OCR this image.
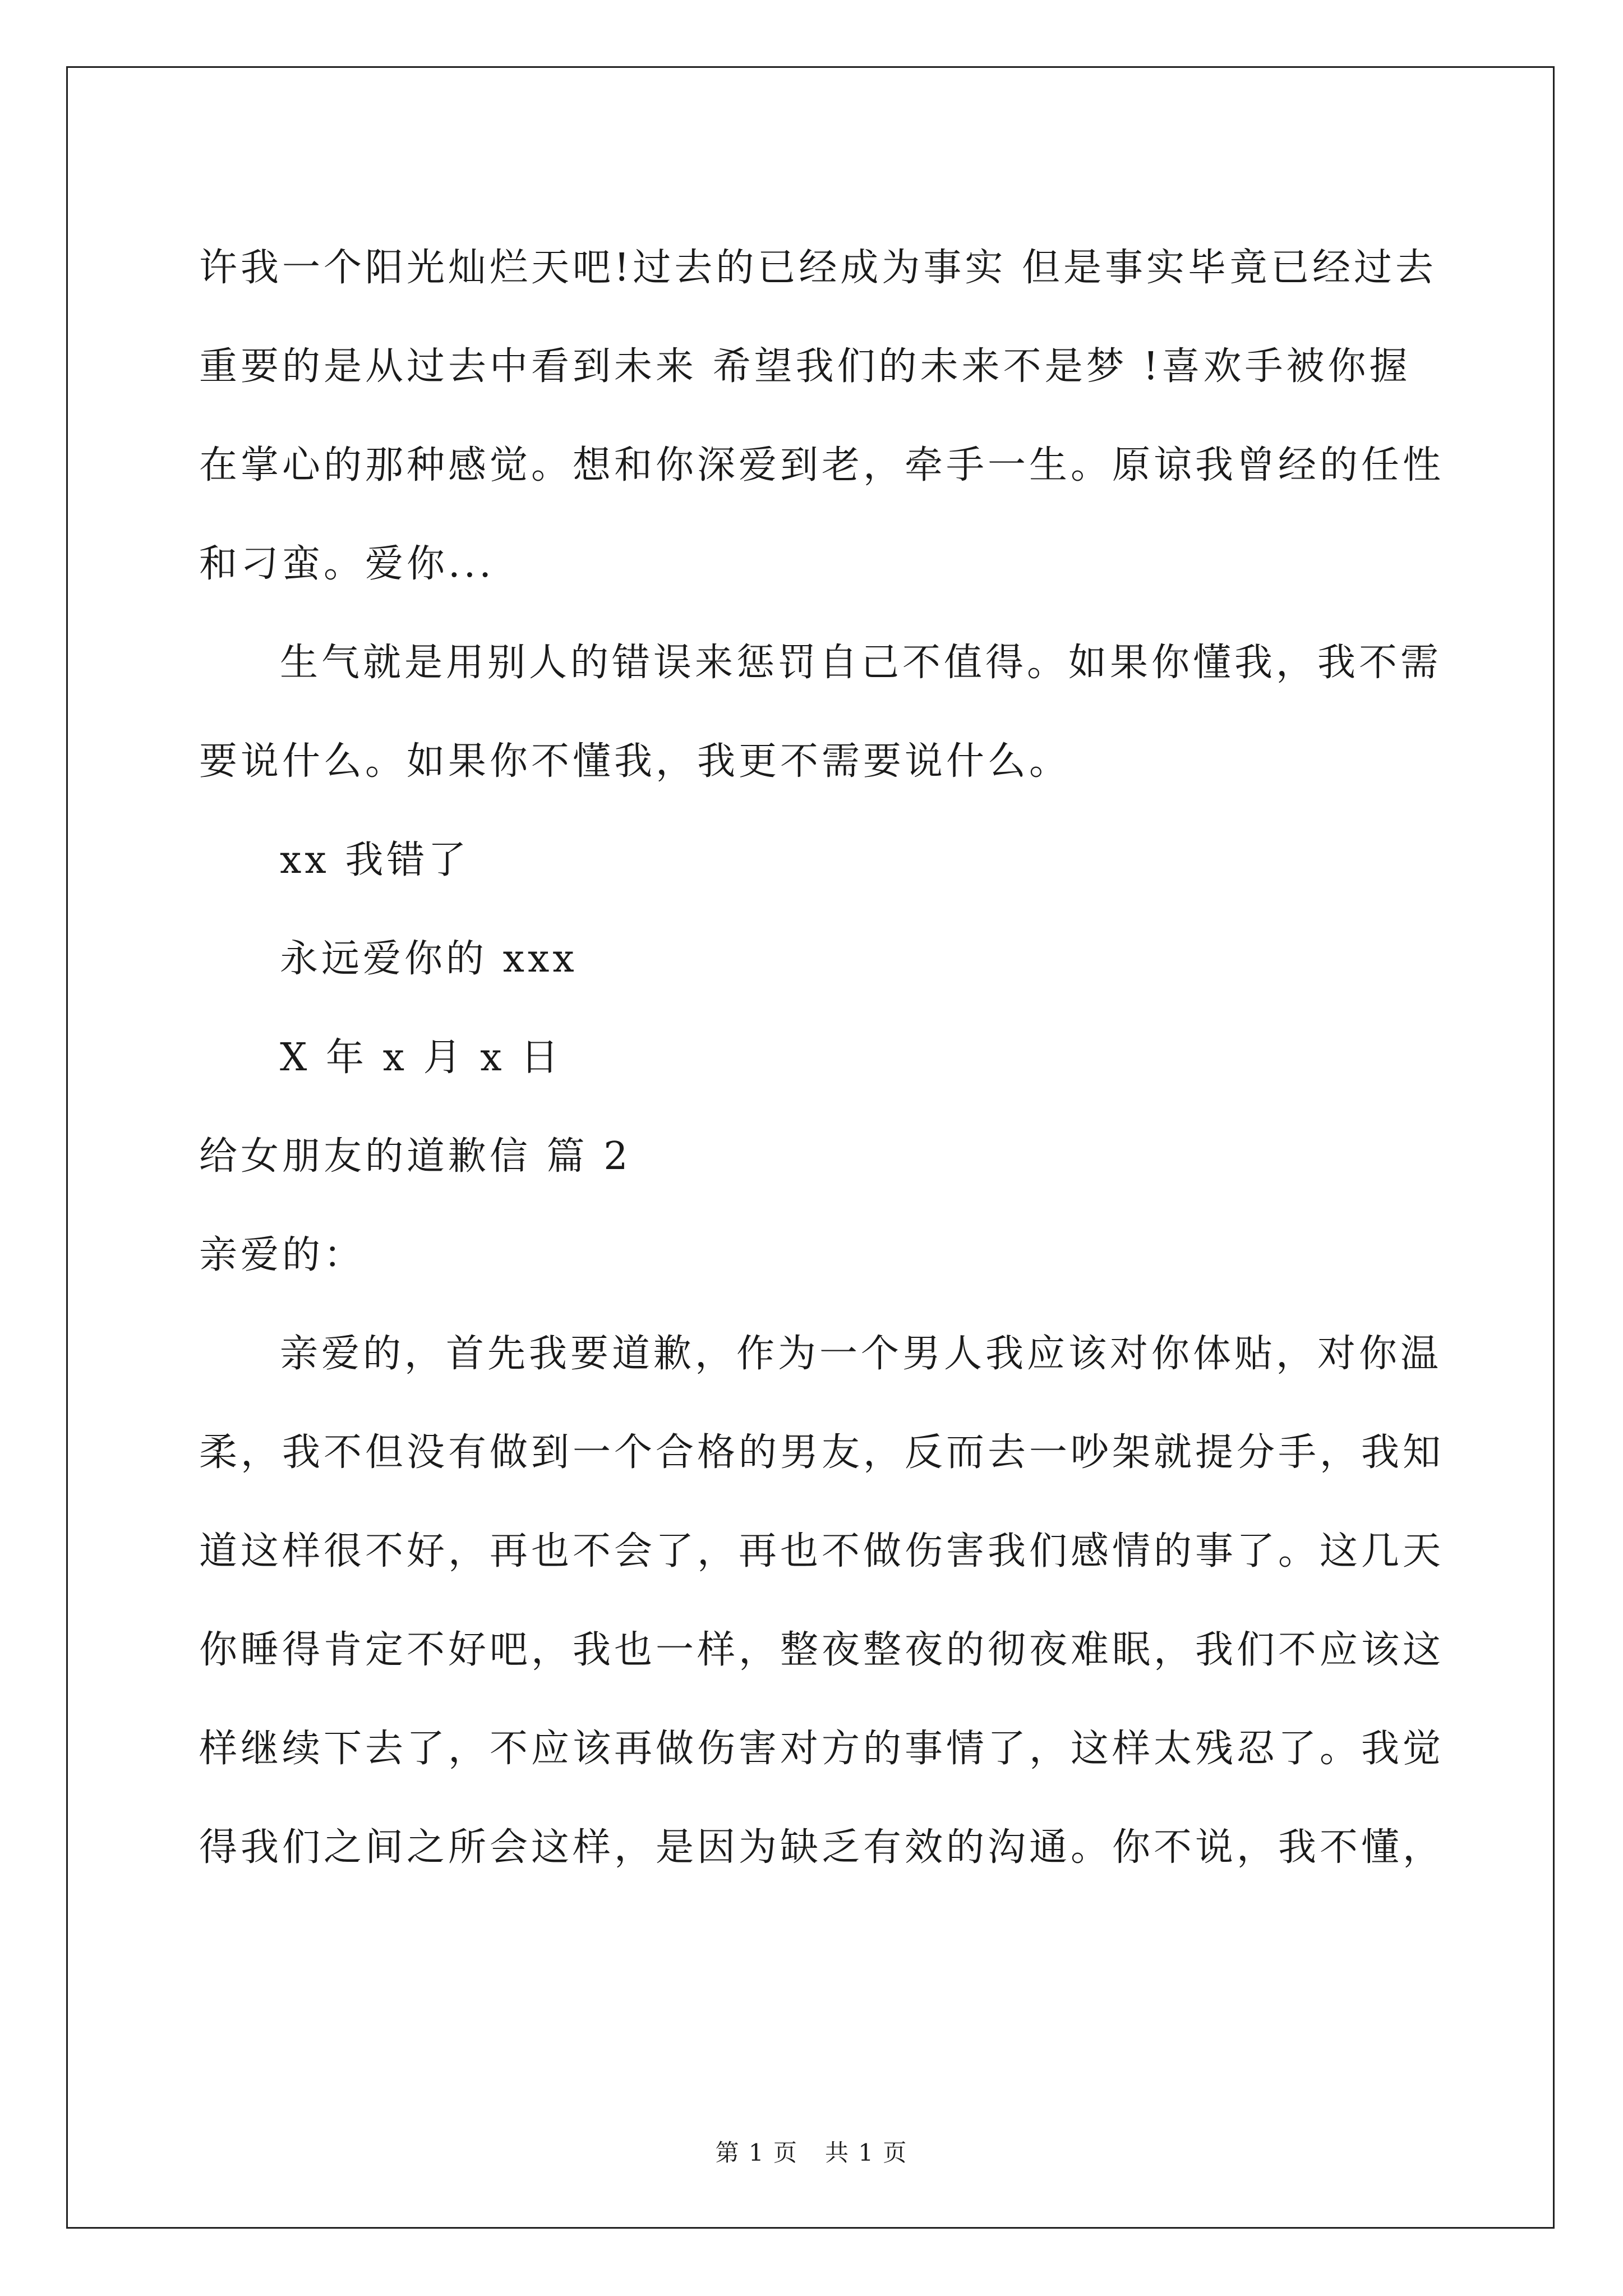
许我一个阳光灿烂天吧!过去的已经成为事实 但是事实毕竟已经过去
重要的是从过去中看到未来 希望我们的未来不是梦 !喜欢手被你握
在掌心的那种感觉。想和你深爱到老，牵手一生。原谅我曾经的任性
和刁蛮。爱你...
生气就是用别人的错误来惩罚自己不值得。如果你懂我，我不需
要说什么。如果你不懂我，我更不需要说什么。
xx 我错了
永远爱你的 xxx
X 年 x 月 x 日
给女朋友的道歉信 篇 2
亲爱的：
亲爱的，首先我要道歉，作为一个男人我应该对你体贴，对你温
柔，我不但没有做到一个合格的男友，反而去一吵架就提分手，我知
道这样很不好，再也不会了，再也不做伤害我们感情的事了。这几天
你睡得肯定不好吧，我也一样，整夜整夜的彻夜难眠，我们不应该这
样继续下去了，不应该再做伤害对方的事情了，这样太残忍了。我觉
得我们之间之所会这样，是因为缺乏有效的沟通。你不说，我不懂，
第 1 页 共 1 页
